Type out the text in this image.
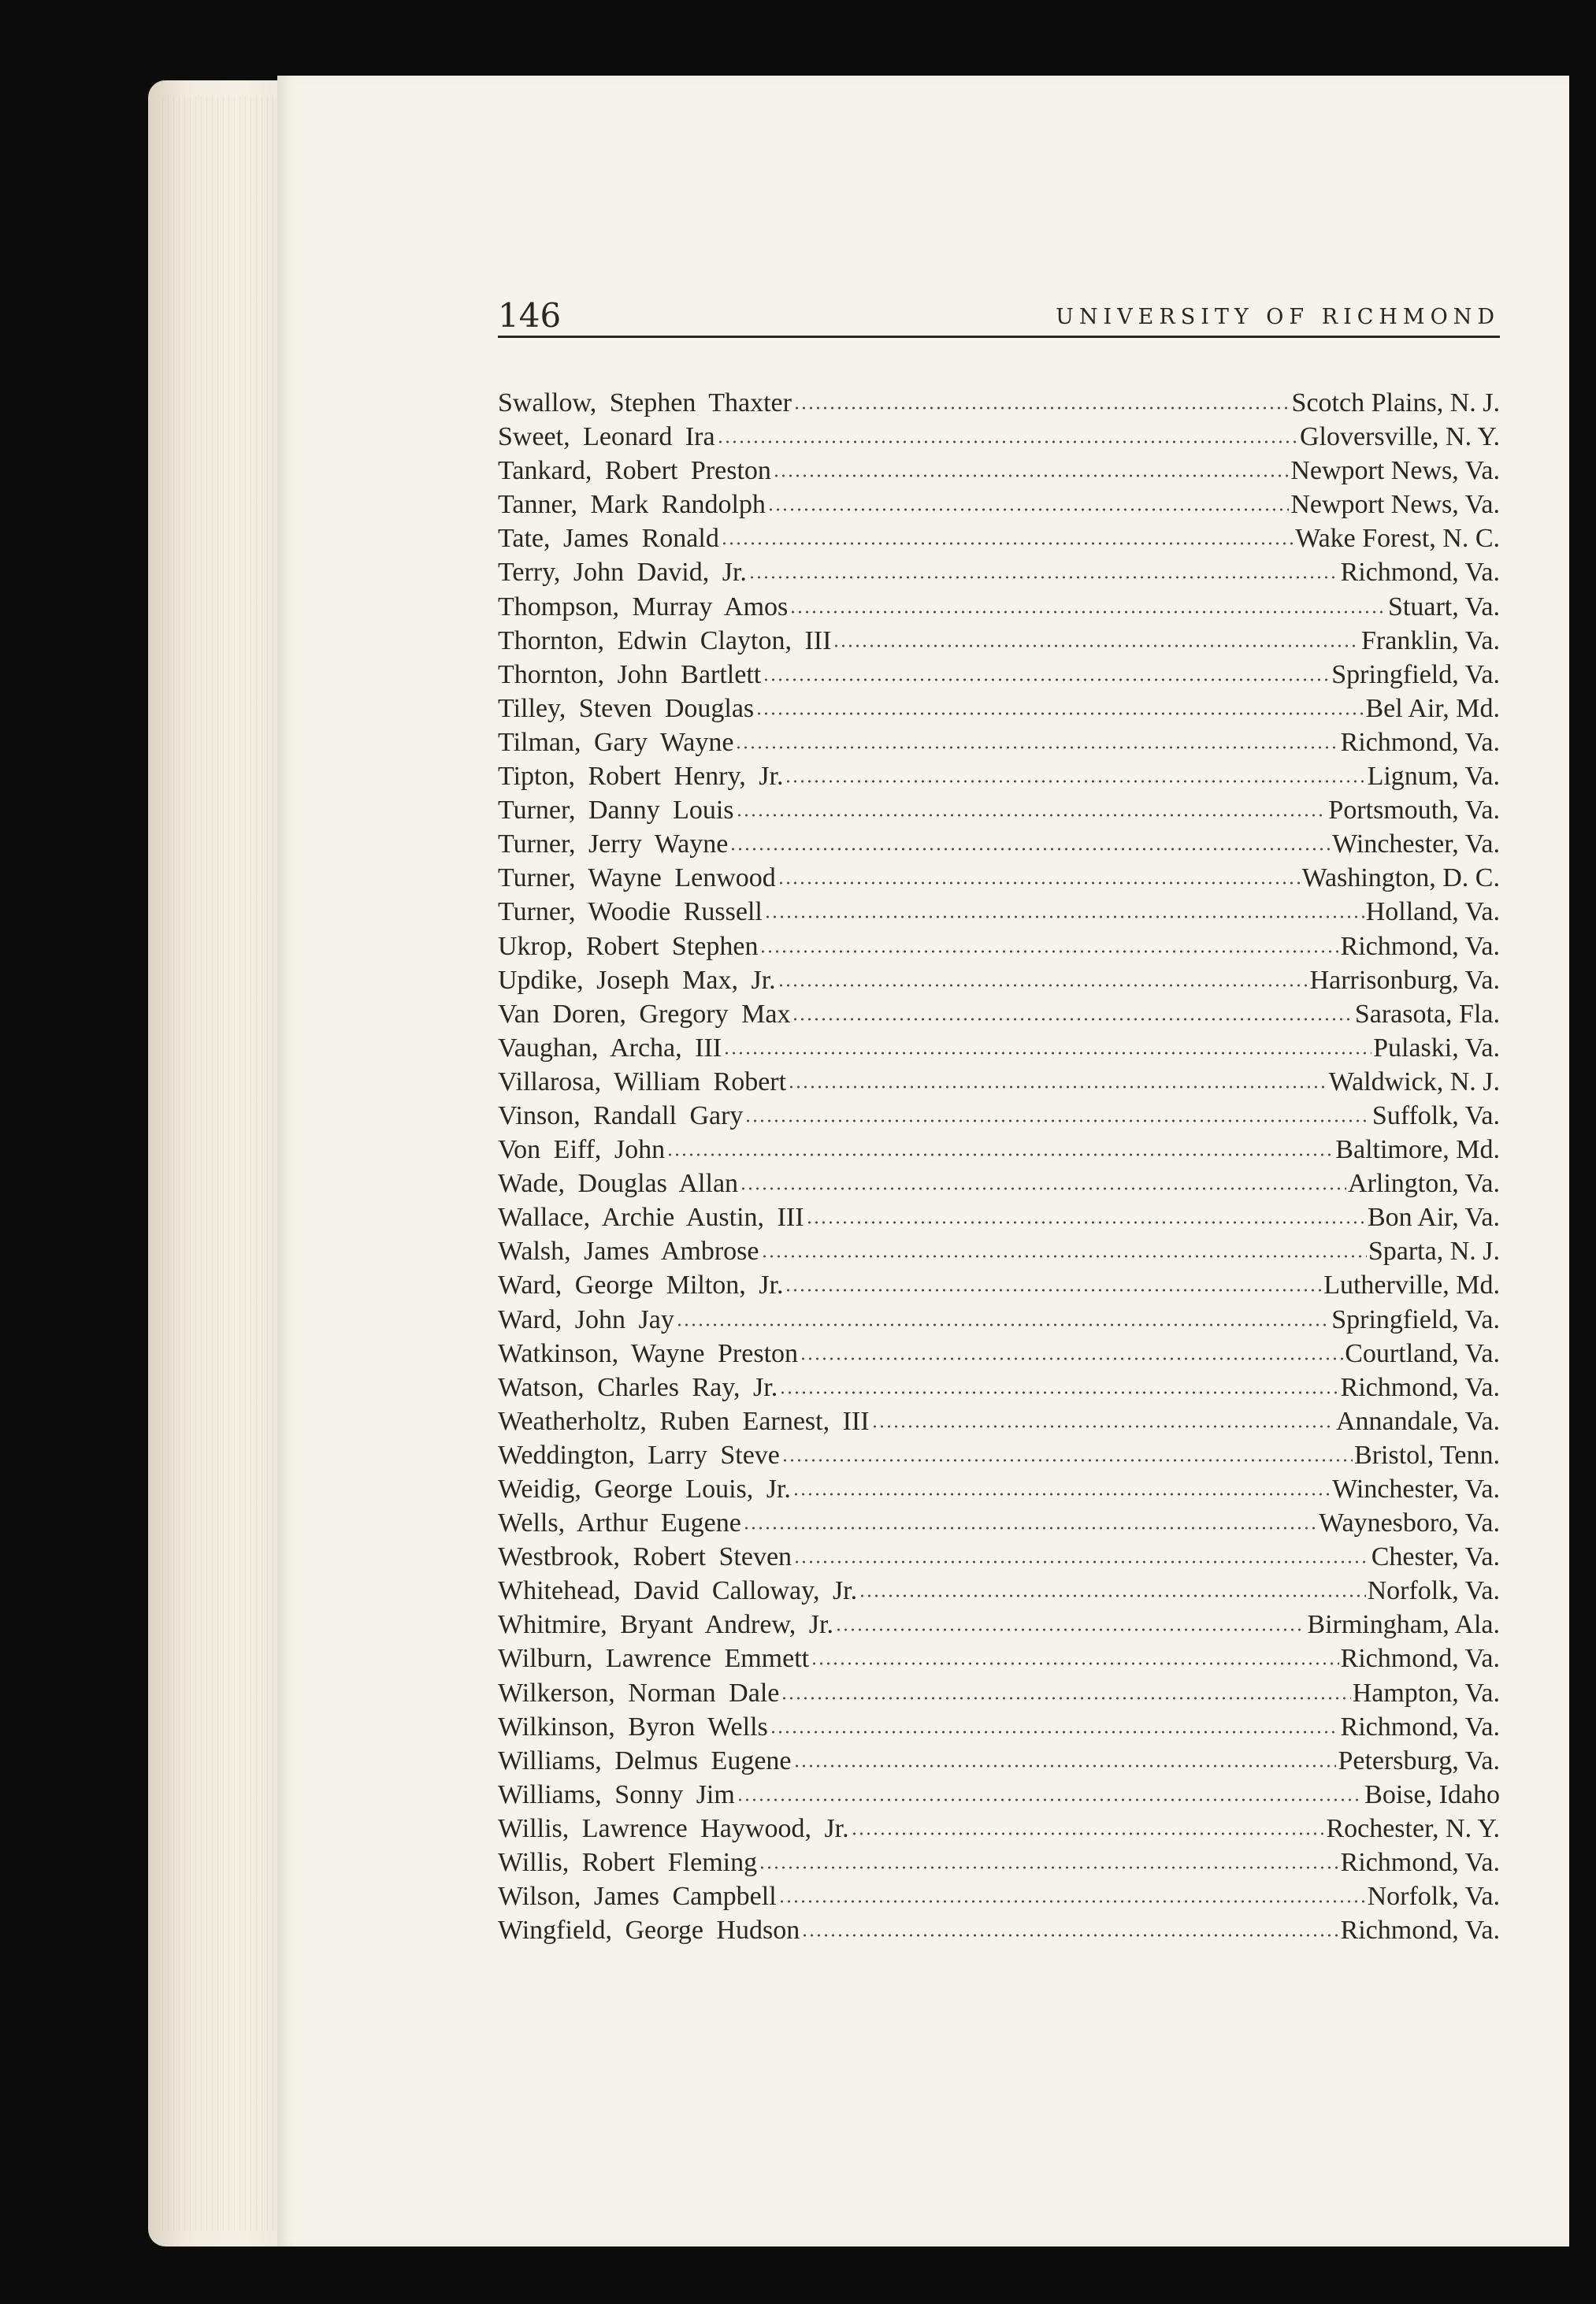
146	UNIVERSITY OF RICHMOND
Swallow, Stephen Thaxter	Scotch Plains, N. J.
Sweet, Leonard Ira	Gloversville, N. Y.
Tankard, Robert Preston	Newport News, Va.
Tanner, Mark Randolph	Newport News, Va.
Tate, James Ronald	Wake Forest, N. C.
Terry, John David, Jr.	Richmond, Va.
Thompson, Murray Amos	Stuart, Va.
Thornton, Edwin Clayton, III	Franklin, Va.
Thornton, John Bartlett	Springfield, Va.
Tilley, Steven Douglas	Bel Air, Md.
Tilman, Gary Wayne	Richmond, Va.
Tipton, Robert Henry, Jr.	Lignum, Va.
Turner, Danny Louis	Portsmouth, Va.
Turner, Jerry Wayne	Winchester, Va.
Turner, Wayne Lenwood	Washington, D. C.
Turner, Woodie Russell	Holland, Va.
Ukrop, Robert Stephen	Richmond, Va.
Updike, Joseph Max, Jr.	Harrisonburg, Va.
Van Doren, Gregory Max	Sarasota, Fla.
Vaughan, Archa, III	Pulaski, Va.
Villarosa, William Robert	Waldwick, N. J.
Vinson, Randall Gary	Suffolk, Va.
Von Eiff, John	Baltimore, Md.
Wade, Douglas Allan	Arlington, Va.
Wallace, Archie Austin, III	Bon Air, Va.
Walsh, James Ambrose	Sparta, N. J.
Ward, George Milton, Jr.	Lutherville, Md.
Ward, John Jay	Springfield, Va.
Watkinson, Wayne Preston	Courtland, Va.
Watson, Charles Ray, Jr.	Richmond, Va.
Weatherholtz, Ruben Earnest, III	Annandale, Va.
Weddington, Larry Steve	Bristol, Tenn.
Weidig, George Louis, Jr.	Winchester, Va.
Wells, Arthur Eugene	Waynesboro, Va.
Westbrook, Robert Steven	Chester, Va.
Whitehead, David Calloway, Jr.	Norfolk, Va.
Whitmire, Bryant Andrew, Jr.	Birmingham, Ala.
Wilburn, Lawrence Emmett	Richmond, Va.
Wilkerson, Norman Dale	Hampton, Va.
Wilkinson, Byron Wells	Richmond, Va.
Williams, Delmus Eugene	Petersburg, Va.
Williams, Sonny Jim	Boise, Idaho
Willis, Lawrence Haywood, Jr.	Rochester, N. Y.
Willis, Robert Fleming	Richmond, Va.
Wilson, James Campbell	Norfolk, Va.
Wingfield, George Hudson	Richmond, Va.
